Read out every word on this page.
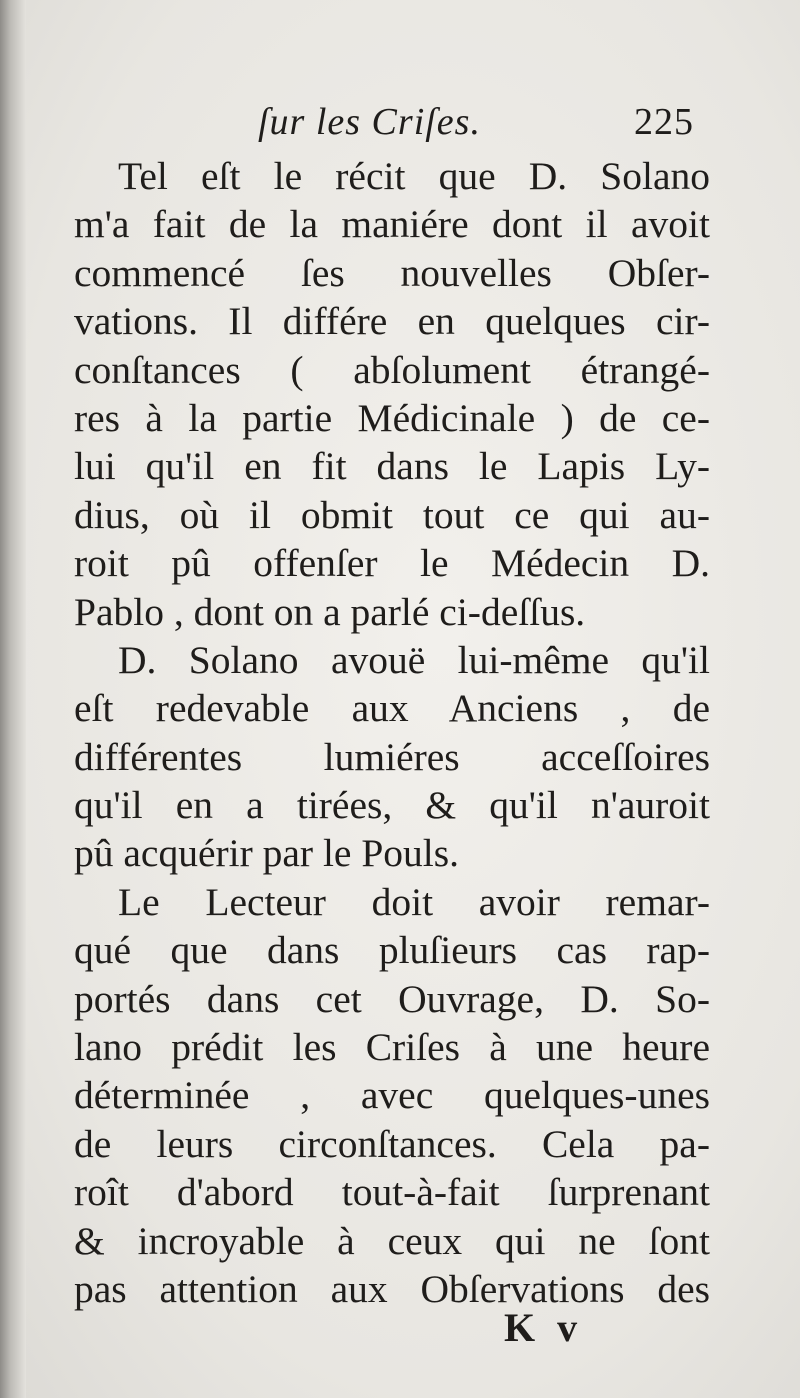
ſur les Criſes.	225
Tel eſt le récit que D. Solano
m'a fait de la maniére dont il avoit
commencé ſes nouvelles Obſer-
vations. Il différe en quelques cir-
conſtances ( abſolument étrangé-
res à la partie Médicinale ) de ce-
lui qu'il en fit dans le Lapis Ly-
dius, où il obmit tout ce qui au-
roit pû offenſer le Médecin D.
Pablo , dont on a parlé ci-deſſus.
D. Solano avouë lui-même qu'il
eſt redevable aux Anciens , de
différentes lumiéres acceſſoires
qu'il en a tirées, & qu'il n'auroit
pû acquérir par le Pouls.
Le Lecteur doit avoir remar-
qué que dans pluſieurs cas rap-
portés dans cet Ouvrage, D. So-
lano prédit les Criſes à une heure
déterminée , avec quelques-unes
de leurs circonſtances. Cela pa-
roît d'abord tout-à-fait ſurprenant
& incroyable à ceux qui ne ſont
pas attention aux Obſervations des
K v
